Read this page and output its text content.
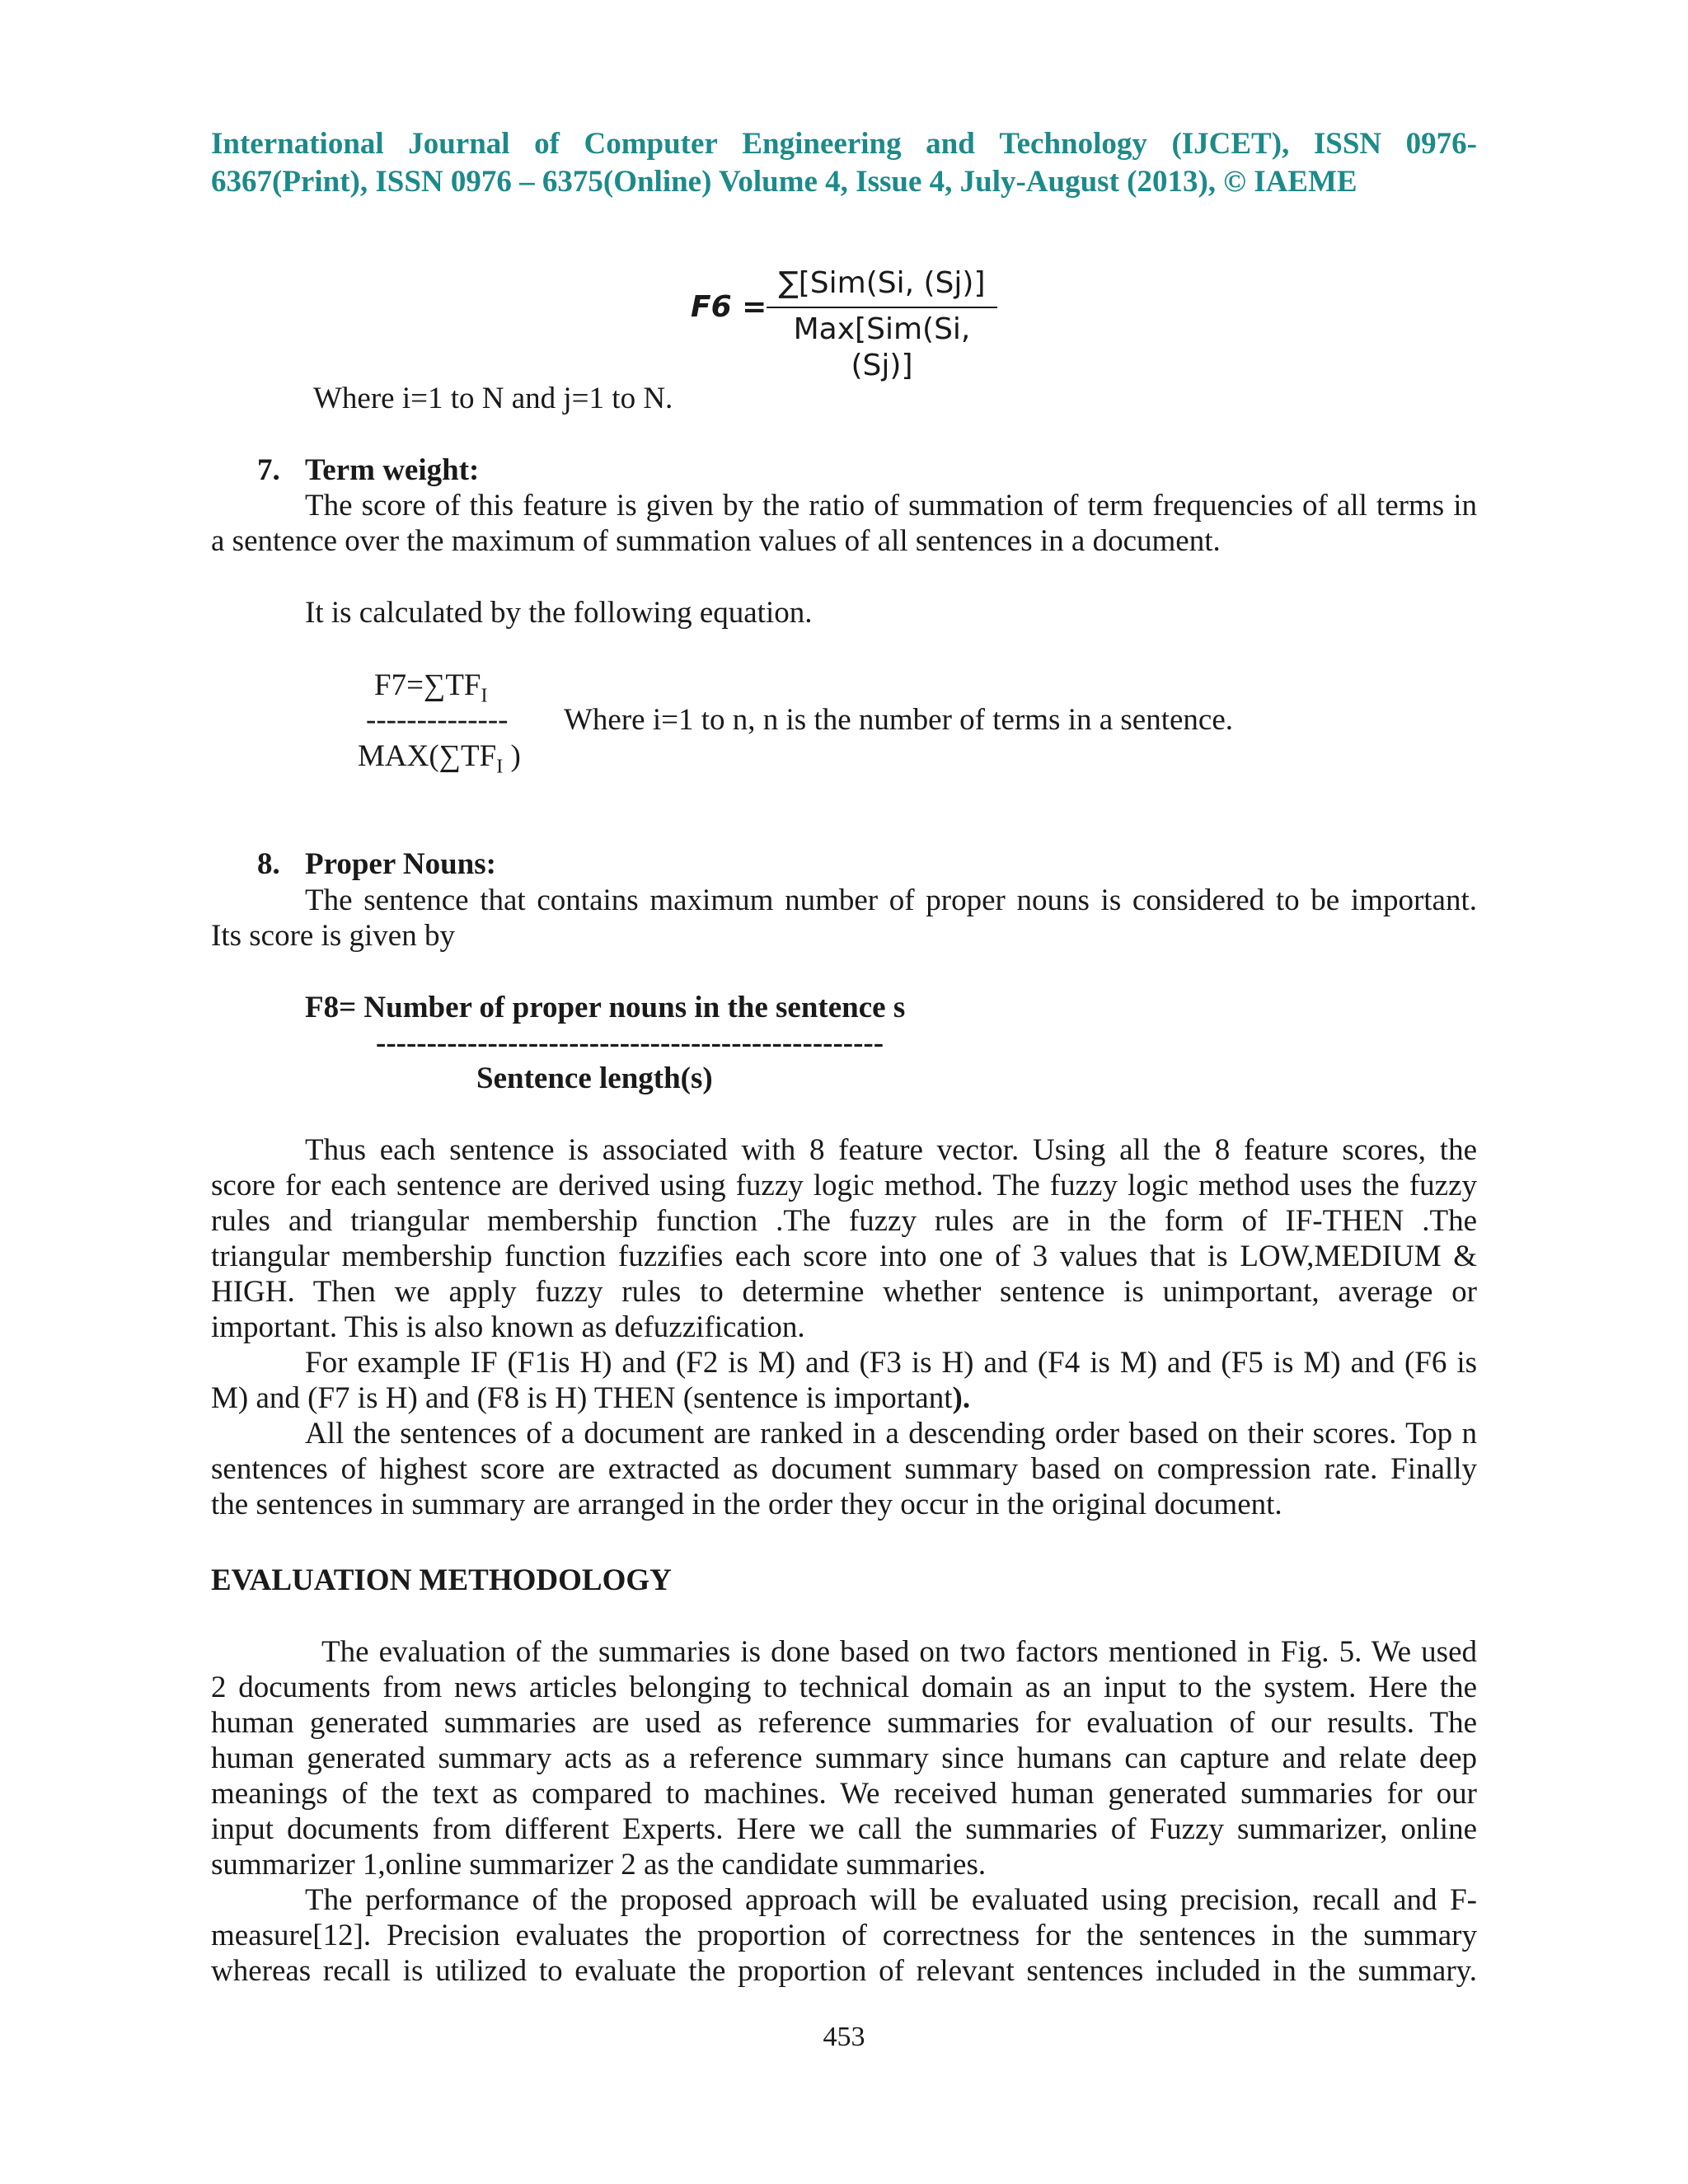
International Journal of Computer Engineering and Technology (IJCET), ISSN 0976-
6367(Print), ISSN 0976 – 6375(Online) Volume 4, Issue 4, July-August (2013), © IAEME
F6 =
∑[Sim(Si, (Sj)]
Max[Sim(Si, (Sj)]
Where i=1 to N and j=1 to N.
7. Term weight:
The score of this feature is given by the ratio of summation of term frequencies of all terms in
a sentence over the maximum of summation values of all sentences in a document.
It is calculated by the following equation.
$F7=\sum TF_I$
-------------- Where i=1 to n, n is the number of terms in a sentence.
$MAX(\sum TF_I$ )
8. Proper Nouns:
The sentence that contains maximum number of proper nouns is considered to be important.
Its score is given by
F8= Number of proper nouns in the sentence s
--------------------------------------------------
Sentence length(s)
Thus each sentence is associated with 8 feature vector. Using all the 8 feature scores, the
score for each sentence are derived using fuzzy logic method. The fuzzy logic method uses the fuzzy
rules and triangular membership function .The fuzzy rules are in the form of IF-THEN .The
triangular membership function fuzzifies each score into one of 3 values that is LOW,MEDIUM &
HIGH. Then we apply fuzzy rules to determine whether sentence is unimportant, average or
important. This is also known as defuzzification.
For example IF (F1is H) and (F2 is M) and (F3 is H) and (F4 is M) and (F5 is M) and (F6 is
M) and (F7 is H) and (F8 is H) THEN (sentence is important).
All the sentences of a document are ranked in a descending order based on their scores. Top n
sentences of highest score are extracted as document summary based on compression rate. Finally
the sentences in summary are arranged in the order they occur in the original document.
EVALUATION METHODOLOGY
The evaluation of the summaries is done based on two factors mentioned in Fig. 5. We used
2 documents from news articles belonging to technical domain as an input to the system. Here the
human generated summaries are used as reference summaries for evaluation of our results. The
human generated summary acts as a reference summary since humans can capture and relate deep
meanings of the text as compared to machines. We received human generated summaries for our
input documents from different Experts. Here we call the summaries of Fuzzy summarizer, online
summarizer 1,online summarizer 2 as the candidate summaries.
The performance of the proposed approach will be evaluated using precision, recall and F-
measure[12]. Precision evaluates the proportion of correctness for the sentences in the summary
whereas recall is utilized to evaluate the proportion of relevant sentences included in the summary.
453
